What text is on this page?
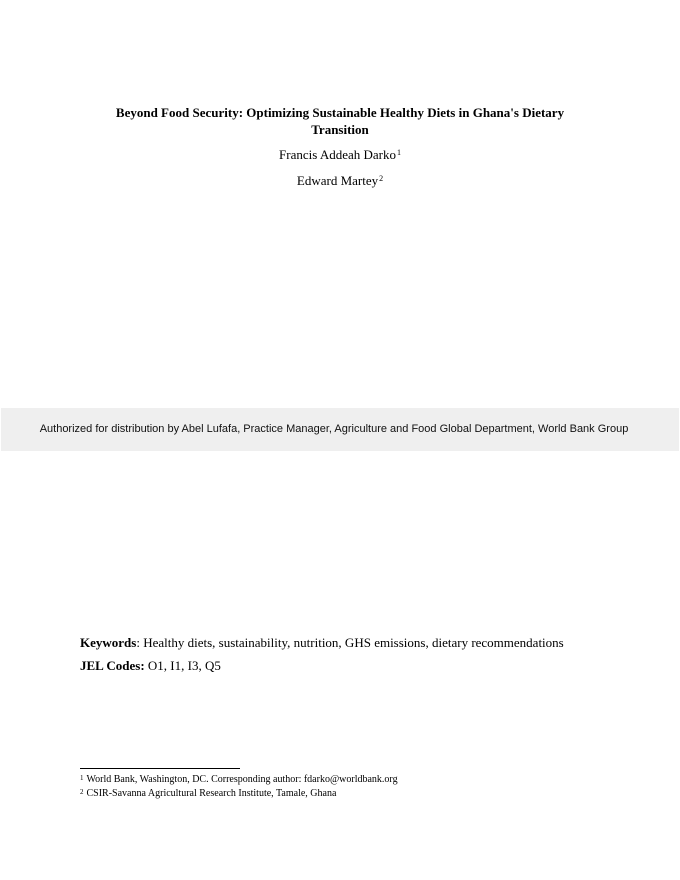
Beyond Food Security: Optimizing Sustainable Healthy Diets in Ghana's Dietary Transition
Francis Addeah Darko$^1$
Edward Martey$^2$
Authorized for distribution by Abel Lufafa, Practice Manager, Agriculture and Food Global Department, World Bank Group
Keywords: Healthy diets, sustainability, nutrition, GHS emissions, dietary recommendations
JEL Codes: O1, I1, I3, Q5
$^1$ World Bank, Washington, DC. Corresponding author: fdarko@worldbank.org
$^2$ CSIR-Savanna Agricultural Research Institute, Tamale, Ghana
